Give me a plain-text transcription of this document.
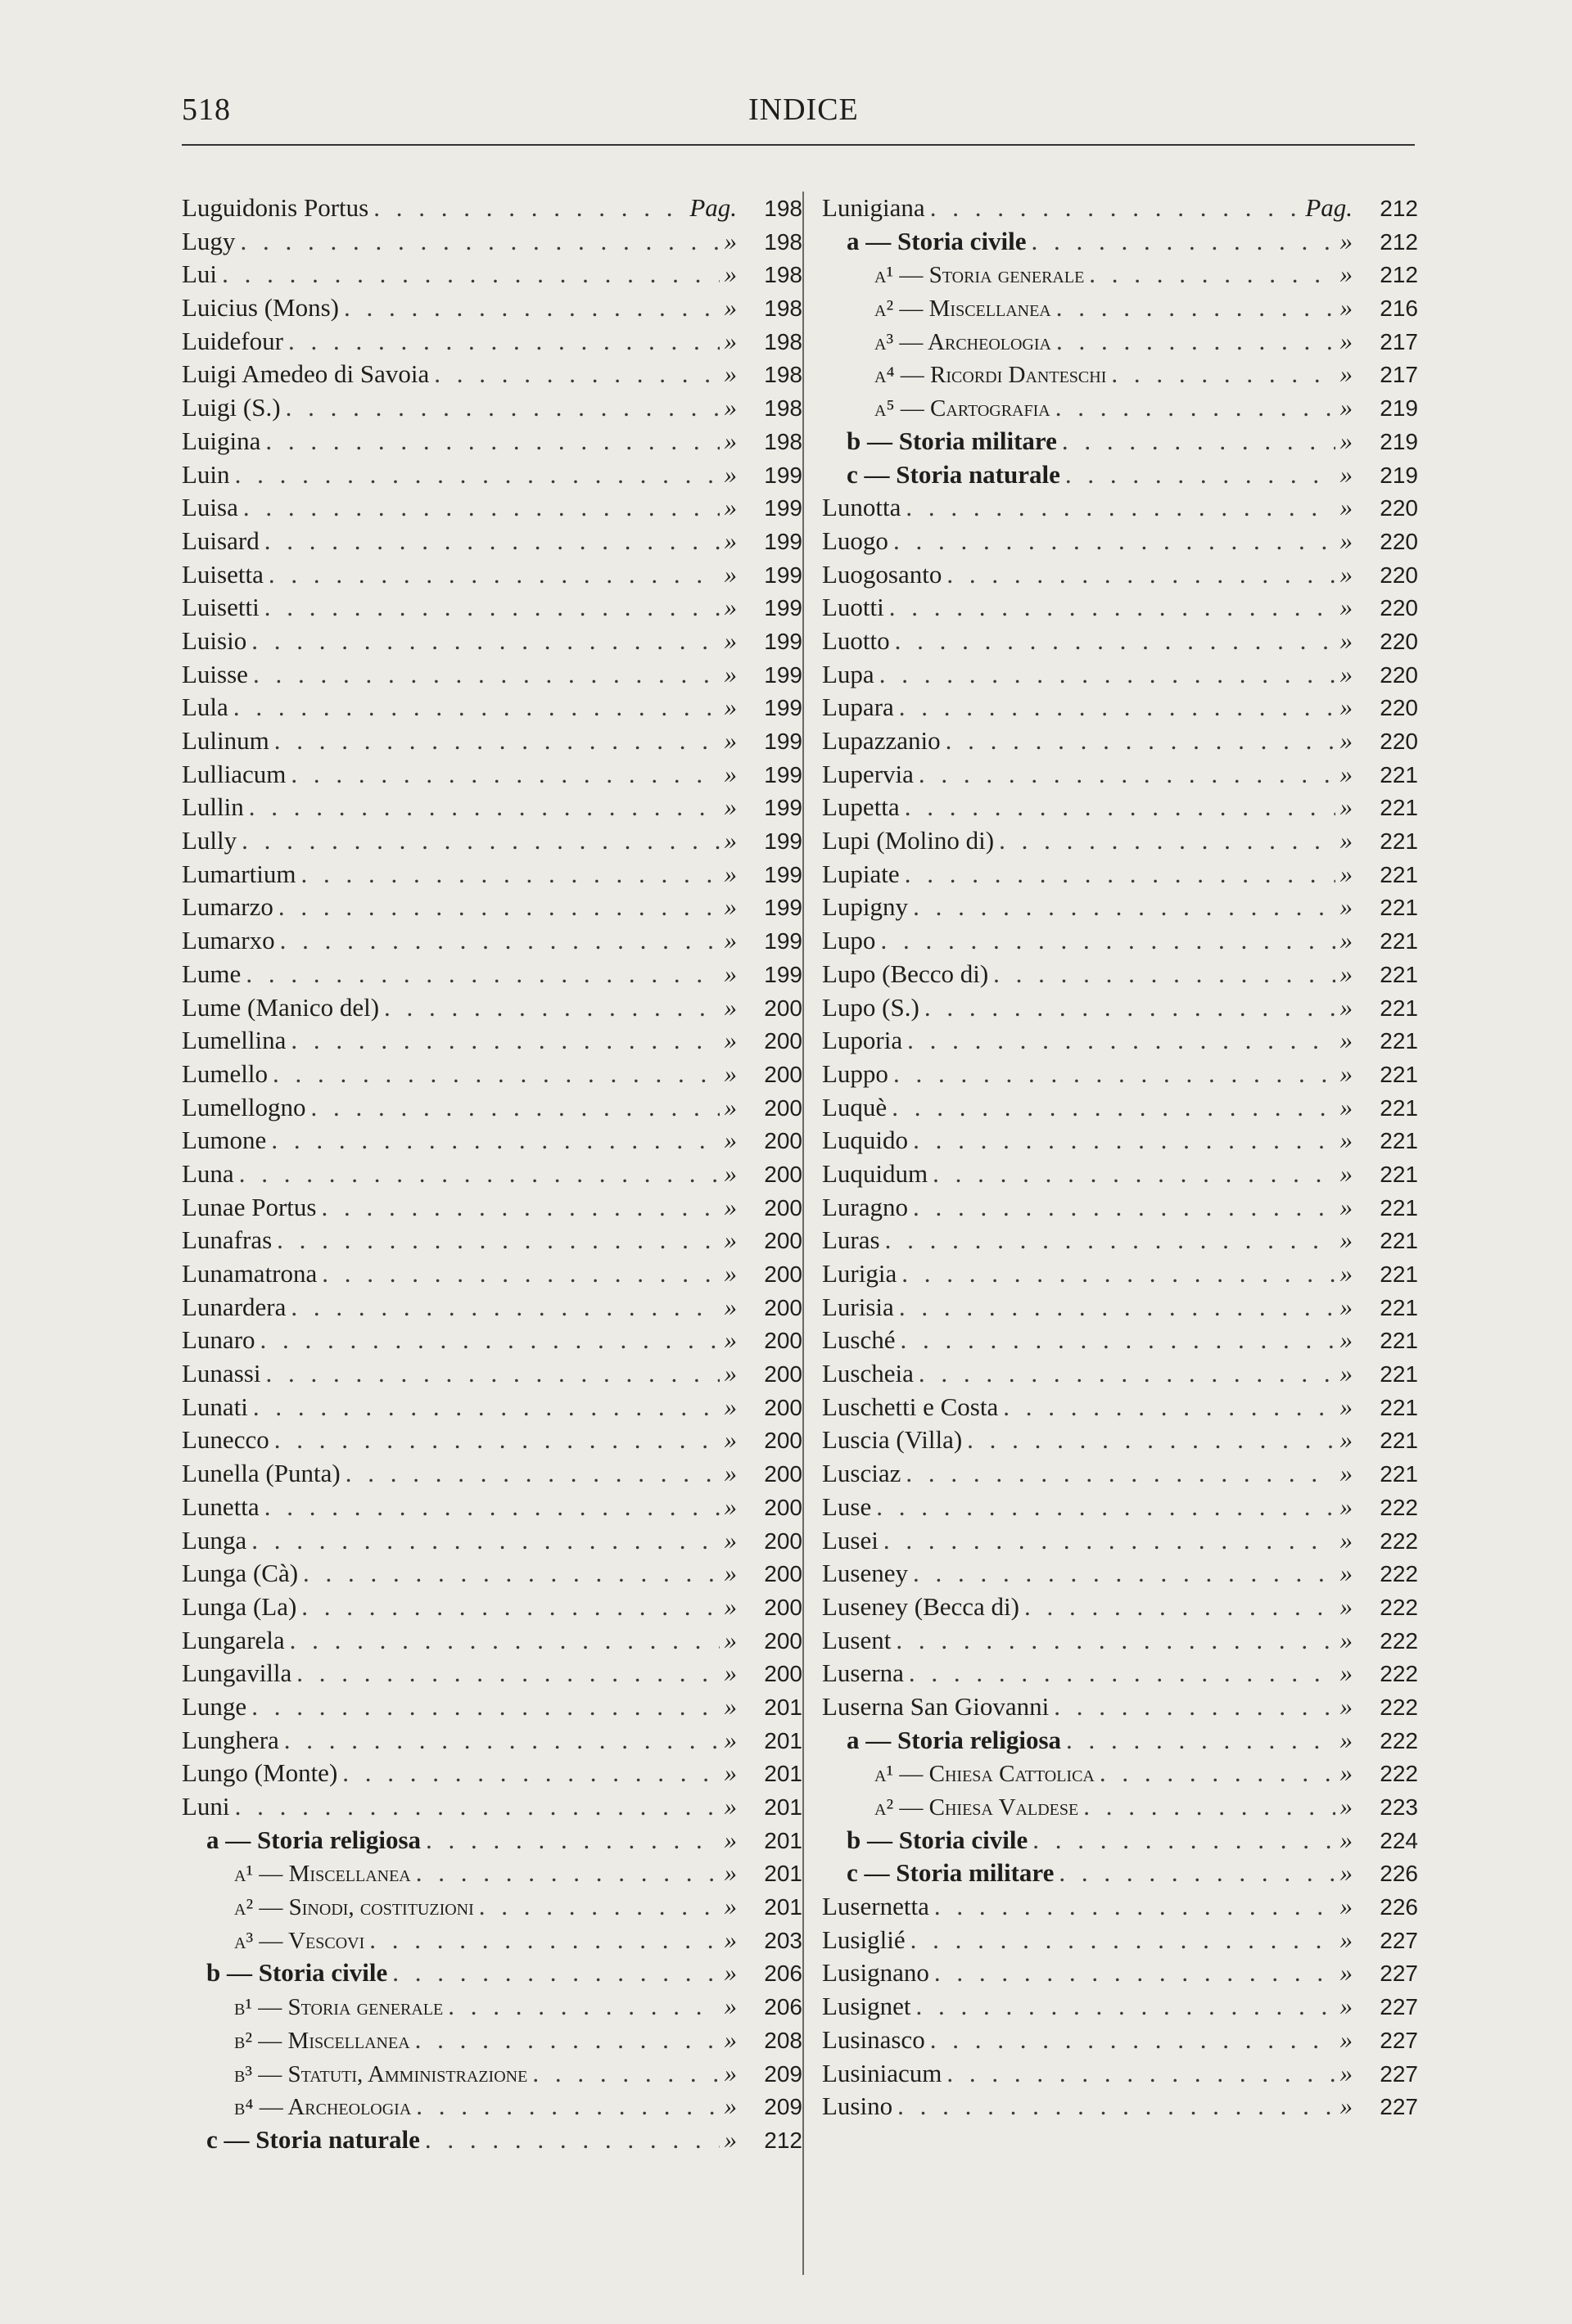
518	INDICE
Luguidonis Portus . . .	Pag.	198
Lugy . . .	»	198
Lui . . .	»	198
Luicius (Mons) . . .	»	198
Luidefour . . .	»	198
Luigi Amedeo di Savoia . . .	»	198
Luigi (S.) . . .	»	198
Luigina . . .	»	198
Luin . . .	»	199
Luisa . . .	»	199
Luisard . . .	»	199
Luisetta . . .	»	199
Luisetti . . .	»	199
Luisio . . .	»	199
Luisse . . .	»	199
Lula . . .	»	199
Lulinum . . .	»	199
Lulliacum . . .	»	199
Lullin . . .	»	199
Lully . . .	»	199
Lumartium . . .	»	199
Lumarzo . . .	»	199
Lumarxo . . .	»	199
Lume . . .	»	199
Lume (Manico del) . . .	»	200
Lumellina . . .	»	200
Lumello . . .	»	200
Lumellogno . . .	»	200
Lumone . . .	»	200
Luna . . .	»	200
Lunae Portus . . .	»	200
Lunafras . . .	»	200
Lunamatrona . . .	»	200
Lunardera . . .	»	200
Lunaro . . .	»	200
Lunassi . . .	»	200
Lunati . . .	»	200
Lunecco . . .	»	200
Lunella (Punta) . . .	»	200
Lunetta . . .	»	200
Lunga . . .	»	200
Lunga (Cà) . . .	»	200
Lunga (La) . . .	»	200
Lungarela . . .	»	200
Lungavilla . . .	»	200
Lunge . . .	»	201
Lunghera . . .	»	201
Lungo (Monte) . . .	»	201
Luni . . .	»	201
a — Storia religiosa . . .	»	201
a¹ — Miscellanea . . .	»	201
a² — Sinodi, costituzioni . . .	»	201
a³ — Vescovi . . .	»	203
b — Storia civile . . .	»	206
b¹ — Storia generale . . .	»	206
b² — Miscellanea . . .	»	208
b³ — Statuti, Amministrazione . . .	»	209
b⁴ — Archeologia . . .	»	209
c — Storia naturale . . .	»	212
Lunigiana . . .	Pag.	212
a — Storia civile . . .	»	212
a¹ — Storia generale . . .	»	212
a² — Miscellanea . . .	»	216
a³ — Archeologia . . .	»	217
a⁴ — Ricordi Danteschi . . .	»	217
a⁵ — Cartografia . . .	»	219
b — Storia militare . . .	»	219
c — Storia naturale . . .	»	219
Lunotta . . .	»	220
Luogo . . .	»	220
Luogosanto . . .	»	220
Luotti . . .	»	220
Luotto . . .	»	220
Lupa . . .	»	220
Lupara . . .	»	220
Lupazzanio . . .	»	220
Lupervia . . .	»	221
Lupetta . . .	»	221
Lupi (Molino di) . . .	»	221
Lupiate . . .	»	221
Lupigny . . .	»	221
Lupo . . .	»	221
Lupo (Becco di) . . .	»	221
Lupo (S.) . . .	»	221
Luporia . . .	»	221
Luppo . . .	»	221
Luquè . . .	»	221
Luquido . . .	»	221
Luquidum . . .	»	221
Luragno . . .	»	221
Luras . . .	»	221
Lurigia . . .	»	221
Lurisia . . .	»	221
Lusché . . .	»	221
Luscheia . . .	»	221
Luschetti e Costa . . .	»	221
Luscia (Villa) . . .	»	221
Lusciaz . . .	»	221
Luse . . .	»	222
Lusei . . .	»	222
Luseney . . .	»	222
Luseney (Becca di) . . .	»	222
Lusent . . .	»	222
Luserna . . .	»	222
Luserna San Giovanni . . .	»	222
a — Storia religiosa . . .	»	222
a¹ — Chiesa Cattolica . . .	»	222
a² — Chiesa Valdese . . .	»	223
b — Storia civile . . .	»	224
c — Storia militare . . .	»	226
Lusernetta . . .	»	226
Lusiglié . . .	»	227
Lusignano . . .	»	227
Lusignet . . .	»	227
Lusinasco . . .	»	227
Lusiniacum . . .	»	227
Lusino . . .	»	227
